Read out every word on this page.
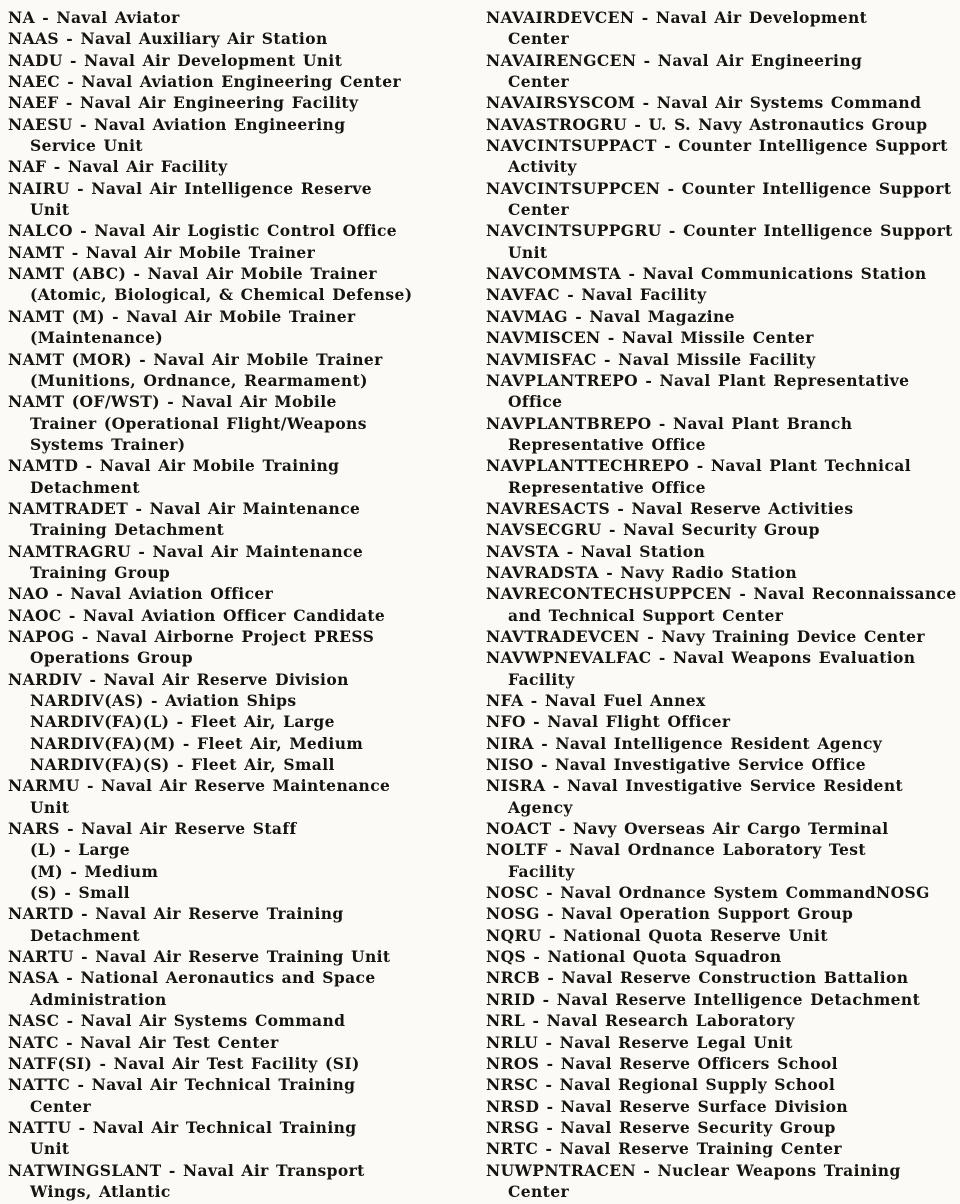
NA - Naval Aviator
NAAS - Naval Auxiliary Air Station
NADU - Naval Air Development Unit
NAEC - Naval Aviation Engineering Center
NAEF - Naval Air Engineering Facility
NAESU - Naval Aviation Engineering
Service Unit
NAF - Naval Air Facility
NAIRU - Naval Air Intelligence Reserve
Unit
NALCO - Naval Air Logistic Control Office
NAMT - Naval Air Mobile Trainer
NAMT (ABC) - Naval Air Mobile Trainer
(Atomic, Biological, & Chemical Defense)
NAMT (M) - Naval Air Mobile Trainer
(Maintenance)
NAMT (MOR) - Naval Air Mobile Trainer
(Munitions, Ordnance, Rearmament)
NAMT (OF/WST) - Naval Air Mobile
Trainer (Operational Flight/Weapons
Systems Trainer)
NAMTD - Naval Air Mobile Training
Detachment
NAMTRADET - Naval Air Maintenance
Training Detachment
NAMTRAGRU - Naval Air Maintenance
Training Group
NAO - Naval Aviation Officer
NAOC - Naval Aviation Officer Candidate
NAPOG - Naval Airborne Project PRESS
Operations Group
NARDIV - Naval Air Reserve Division
NARDIV(AS) - Aviation Ships
NARDIV(FA)(L) - Fleet Air, Large
NARDIV(FA)(M) - Fleet Air, Medium
NARDIV(FA)(S) - Fleet Air, Small
NARMU - Naval Air Reserve Maintenance
Unit
NARS - Naval Air Reserve Staff
(L) - Large
(M) - Medium
(S) - Small
NARTD - Naval Air Reserve Training
Detachment
NARTU - Naval Air Reserve Training Unit
NASA - National Aeronautics and Space
Administration
NASC - Naval Air Systems Command
NATC - Naval Air Test Center
NATF(SI) - Naval Air Test Facility (SI)
NATTC - Naval Air Technical Training
Center
NATTU - Naval Air Technical Training
Unit
NATWINGSLANT - Naval Air Transport
Wings, Atlantic
NAVAIRDEVCEN - Naval Air Development
Center
NAVAIRENGCEN - Naval Air Engineering
Center
NAVAIRSYSCOM - Naval Air Systems Command
NAVASTROGRU - U. S. Navy Astronautics Group
NAVCINTSUPPACT - Counter Intelligence Support
Activity
NAVCINTSUPPCEN - Counter Intelligence Support
Center
NAVCINTSUPPGRU - Counter Intelligence Support
Unit
NAVCOMMSTA - Naval Communications Station
NAVFAC - Naval Facility
NAVMAG - Naval Magazine
NAVMISCEN - Naval Missile Center
NAVMISFAC - Naval Missile Facility
NAVPLANTREPO - Naval Plant Representative
Office
NAVPLANTBREPO - Naval Plant Branch
Representative Office
NAVPLANTTECHREPO - Naval Plant Technical
Representative Office
NAVRESACTS - Naval Reserve Activities
NAVSECGRU - Naval Security Group
NAVSTA - Naval Station
NAVRADSTA - Navy Radio Station
NAVRECONTECHSUPPCEN - Naval Reconnaissance
and Technical Support Center
NAVTRADEVCEN - Navy Training Device Center
NAVWPNEVALFAC - Naval Weapons Evaluation
Facility
NFA - Naval Fuel Annex
NFO - Naval Flight Officer
NIRA - Naval Intelligence Resident Agency
NISO - Naval Investigative Service Office
NISRA - Naval Investigative Service Resident
Agency
NOACT - Navy Overseas Air Cargo Terminal
NOLTF - Naval Ordnance Laboratory Test
Facility
NOSC - Naval Ordnance System CommandNOSG
NOSG - Naval Operation Support Group
NQRU - National Quota Reserve Unit
NQS - National Quota Squadron
NRCB - Naval Reserve Construction Battalion
NRID - Naval Reserve Intelligence Detachment
NRL - Naval Research Laboratory
NRLU - Naval Reserve Legal Unit
NROS - Naval Reserve Officers School
NRSC - Naval Regional Supply School
NRSD - Naval Reserve Surface Division
NRSG - Naval Reserve Security Group
NRTC - Naval Reserve Training Center
NUWPNTRACEN - Nuclear Weapons Training
Center
